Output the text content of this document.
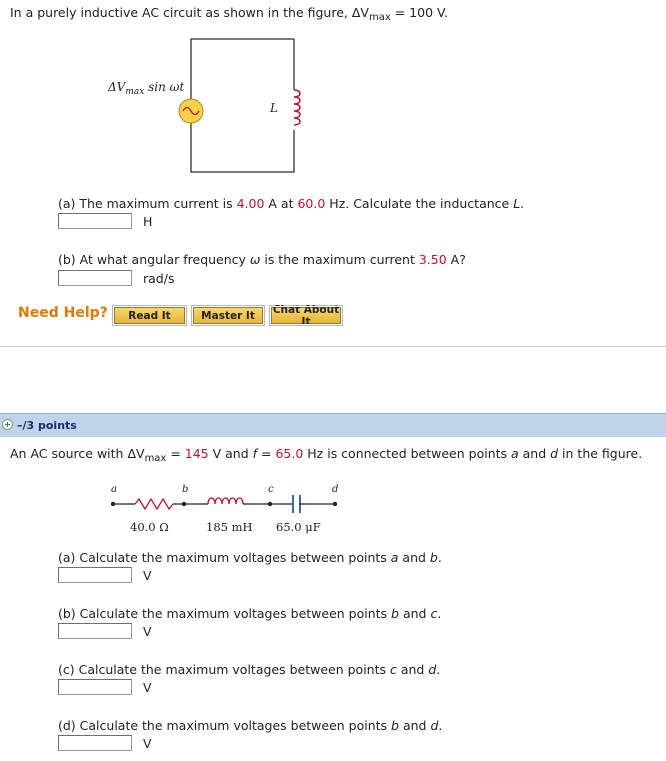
In a purely inductive AC circuit as shown in the figure, $\Delta V_{max} = 100$ V.
$\Delta V_{max}$ sin ωt
L
(a) The maximum current is 4.00 A at 60.0 Hz. Calculate the inductance L.
H
(b) At what angular frequency ω is the maximum current 3.50 A?
rad/s
Need Help?	Read It	Master It	Chat About It
–/3 points
An AC source with $\Delta V_{max} = 145$ V and f = 65.0 Hz is connected between points a and d in the figure.
a	b	c	d
40.0 Ω	185 mH 65.0 μF
(a) Calculate the maximum voltages between points a and b.
V
(b) Calculate the maximum voltages between points b and c.
V
(c) Calculate the maximum voltages between points c and d.
V
(d) Calculate the maximum voltages between points b and d.
V
